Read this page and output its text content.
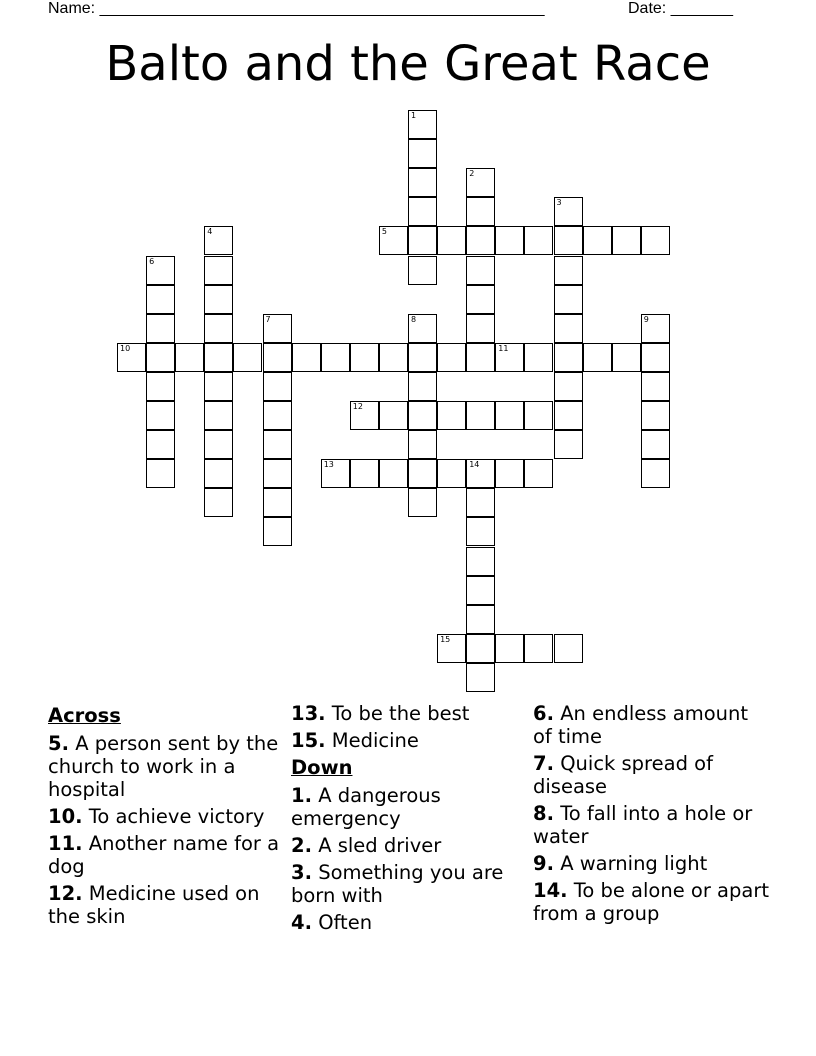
Name: __________________________________________________	Date: _______
Balto and the Great Race
1
2
3
4	5
6
7	8	9
10	11
12
13	14
15
Across
5. A person sent by the church to work in a hospital
10. To achieve victory
11. Another name for a dog
12. Medicine used on the skin
13. To be the best
15. Medicine
Down
1. A dangerous emergency
2. A sled driver
3. Something you are born with
4. Often
6. An endless amount of time
7. Quick spread of disease
8. To fall into a hole or water
9. A warning light
14. To be alone or apart from a group
